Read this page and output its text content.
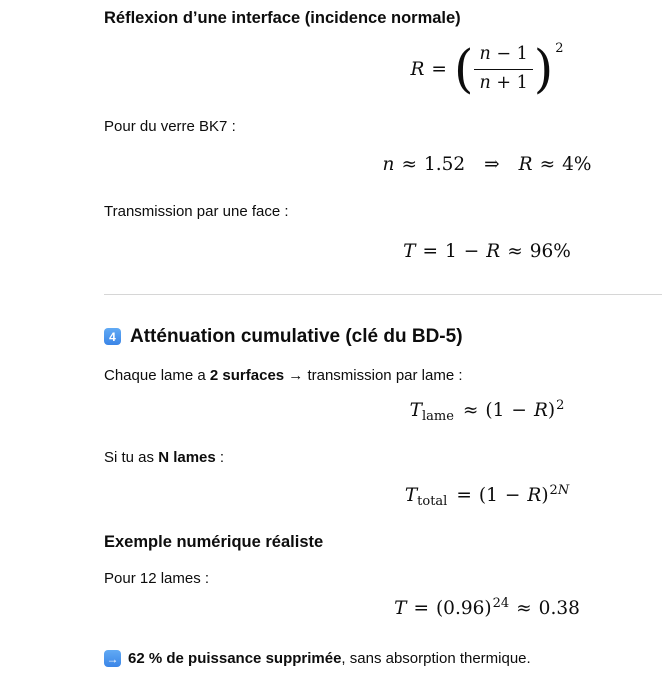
Réflexion d’une interface (incidence normale)
R = ( $\frac{n - 1}{n + 1}$ ) 2
Pour du verre BK7 :
n ≈ 1.52 ⇒ R ≈ 4%
Transmission par une face :
T = 1 − R ≈ 96%
4 Atténuation cumulative (clé du BD-5)
Chaque lame a 2 surfaces → transmission par lame :
$T_{lame} \approx (1 - R)^2$
Si tu as N lames :
$T_{total} = (1 - R)^{2N}$
Exemple numérique réaliste
Pour 12 lames :
$T = (0.96)^{24} \approx 0.38$
→ 62 % de puissance supprimée, sans absorption thermique.
